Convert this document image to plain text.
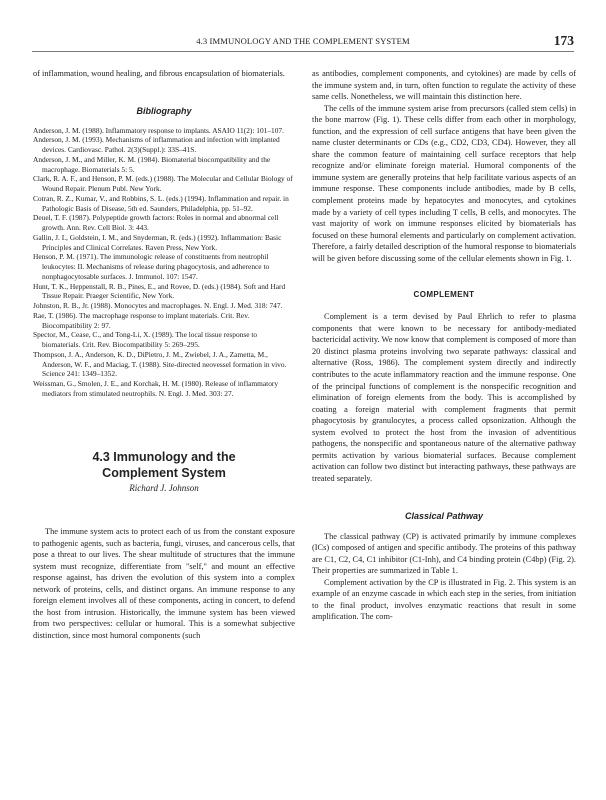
4.3 IMMUNOLOGY AND THE COMPLEMENT SYSTEM	173

of inflammation, wound healing, and fibrous encapsulation of biomaterials.

Bibliography
Anderson, J. M. (1988). Inflammatory response to implants. ASAIO 11(2): 101–107.
Anderson, J. M. (1993). Mechanisms of inflammation and infection with implanted devices. Cardiovasc. Pathol. 2(3)(Suppl.): 33S–41S.
Anderson, J. M., and Miller, K. M. (1984). Biomaterial biocompatibility and the macrophage. Biomaterials 5: 5.
Clark, R. A. F., and Henson, P. M. (eds.) (1988). The Molecular and Cellular Biology of Wound Repair. Plenum Publ. New York.
Cotran, R. Z., Kumar, V., and Robbins, S. L. (eds.) (1994). Inflammation and repair. in Pathologic Basis of Disease, 5th ed. Saunders, Philadelphia, pp. 51–92.
Deuel, T. F. (1987). Polypeptide growth factors: Roles in normal and abnormal cell growth. Ann. Rev. Cell Biol. 3: 443.
Gallin, J. I., Goldstein, I. M., and Snyderman, R. (eds.) (1992). Inflammation: Basic Principles and Clinical Correlates. Raven Press, New York.
Henson, P. M. (1971). The immunologic release of constituents from neutrophil leukocytes: II. Mechanisms of release during phagocytosis, and adherence to nonphagocytosable surfaces. J. Immunol. 107: 1547.
Hunt, T. K., Heppenstall, R. B., Pines, E., and Rovee, D. (eds.) (1984). Soft and Hard Tissue Repair. Praeger Scientific, New York.
Johnston, R. B., Jr. (1988). Monocytes and macrophages. N. Engl. J. Med. 318: 747.
Rae, T. (1986). The macrophage response to implant materials. Crit. Rev. Biocompatibility 2: 97.
Spector, M., Cease, C., and Tong-Li, X. (1989). The local tissue response to biomaterials. Crit. Rev. Biocompatibility 5: 269–295.
Thompson, J. A., Anderson, K. D., DiPietro, J. M., Zwiebel, J. A., Zametta, M., Anderson, W. F., and Maciag, T. (1988). Site-directed neovessel formation in vivo. Science 241: 1349–1352.
Weissman, G., Smolen, J. E., and Korchak, H. M. (1980). Release of inflammatory mediators from stimulated neutrophils. N. Engl. J. Med. 303: 27.
4.3 Immunology and the
Complement System

Richard J. Johnson

The immune system acts to protect each of us from the constant exposure to pathogenic agents, such as bacteria, fungi, viruses, and cancerous cells, that pose a threat to our lives. The shear multitude of structures that the immune system must recognize, differentiate from "self," and mount an effective response against, has driven the evolution of this system into a complex network of proteins, cells, and distinct organs. An immune response to any foreign element involves all of these components, acting in concert, to defend the host from intrusion. Historically, the immune system has been viewed from two perspectives: cellular or humoral. This is a somewhat subjective distinction, since most humoral components (such

as antibodies, complement components, and cytokines) are made by cells of the immune system and, in turn, often function to regulate the activity of these same cells. Nonetheless, we will maintain this distinction here.

The cells of the immune system arise from precursors (called stem cells) in the bone marrow (Fig. 1). These cells differ from each other in morphology, function, and the expression of cell surface antigens that have been given the name cluster determinants or CDs (e.g., CD2, CD3, CD4). However, they all share the common feature of maintaining cell surface receptors that help recognize and/or eliminate foreign material. Humoral components of the immune system are generally proteins that help facilitate various aspects of an immune response. These components include antibodies, made by B cells, complement proteins made by hepatocytes and monocytes, and cytokines made by a variety of cell types including T cells, B cells, and monocytes. The vast majority of work on immune responses elicited by biomaterials has focused on these humoral elements and particularly on complement activation. Therefore, a fairly detailed description of the humoral response to biomaterials will be given before discussing some of the cellular elements shown in Fig. 1.

COMPLEMENT

Complement is a term devised by Paul Ehrlich to refer to plasma components that were known to be necessary for antibody-mediated bactericidal activity. We now know that complement is composed of more than 20 distinct plasma proteins involving two separate pathways: classical and alternative (Ross, 1986). The complement system directly and indirectly contributes to the acute inflammatory reaction and the immune response. One of the principal functions of complement is the nonspecific recognition and elimination of foreign elements from the body. This is accomplished by coating a foreign material with complement fragments that permit phagocytosis by granulocytes, a process called opsonization. Although the system evolved to protect the host from the invasion of adventitious pathogens, the nonspecific and spontaneous nature of the alternative pathway permits activation by various biomaterial surfaces. Because complement activation can follow two distinct but interacting pathways, these pathways are treated separately.

Classical Pathway

The classical pathway (CP) is activated primarily by immune complexes (ICs) composed of antigen and specific antibody. The proteins of this pathway are C1, C2, C4, C1 inhibitor (C1-Inh), and C4 binding protein (C4bp) (Fig. 2). Their properties are summarized in Table 1.

Complement activation by the CP is illustrated in Fig. 2. This system is an example of an enzyme cascade in which each step in the series, from initiation to the final product, involves enzymatic reactions that result in some amplification. The com-
